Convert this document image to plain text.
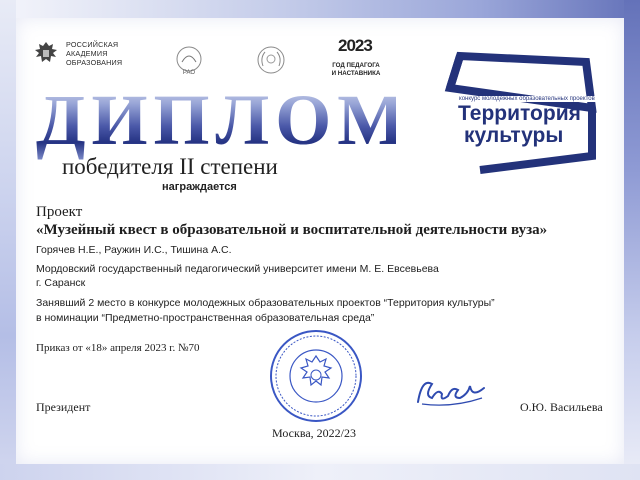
РОССИЙСКАЯ
АКАДЕМИЯ
ОБРАЗОВАНИЯ
РАО
2023
ГОД ПЕДАГОГА
И НАСТАВНИКА
ДИПЛОМ
победителя II степени
награждается
конкурс молодежных образовательных проектов
Территория
культуры
Проект
«Музейный квест в образовательной и воспитательной деятельности вуза»
Горячев Н.Е., Раужин И.С., Тишина А.С.
Мордовский государственный педагогический университет имени М. Е. Евсевьева
г. Саранск
Занявший 2 место в конкурсе молодежных образовательных проектов “Территория культуры”
в номинации “Предметно-пространственная образовательная среда”
Приказ от «18» апреля 2023 г. №70
Президент	О.Ю. Васильева
Москва, 2022/23
